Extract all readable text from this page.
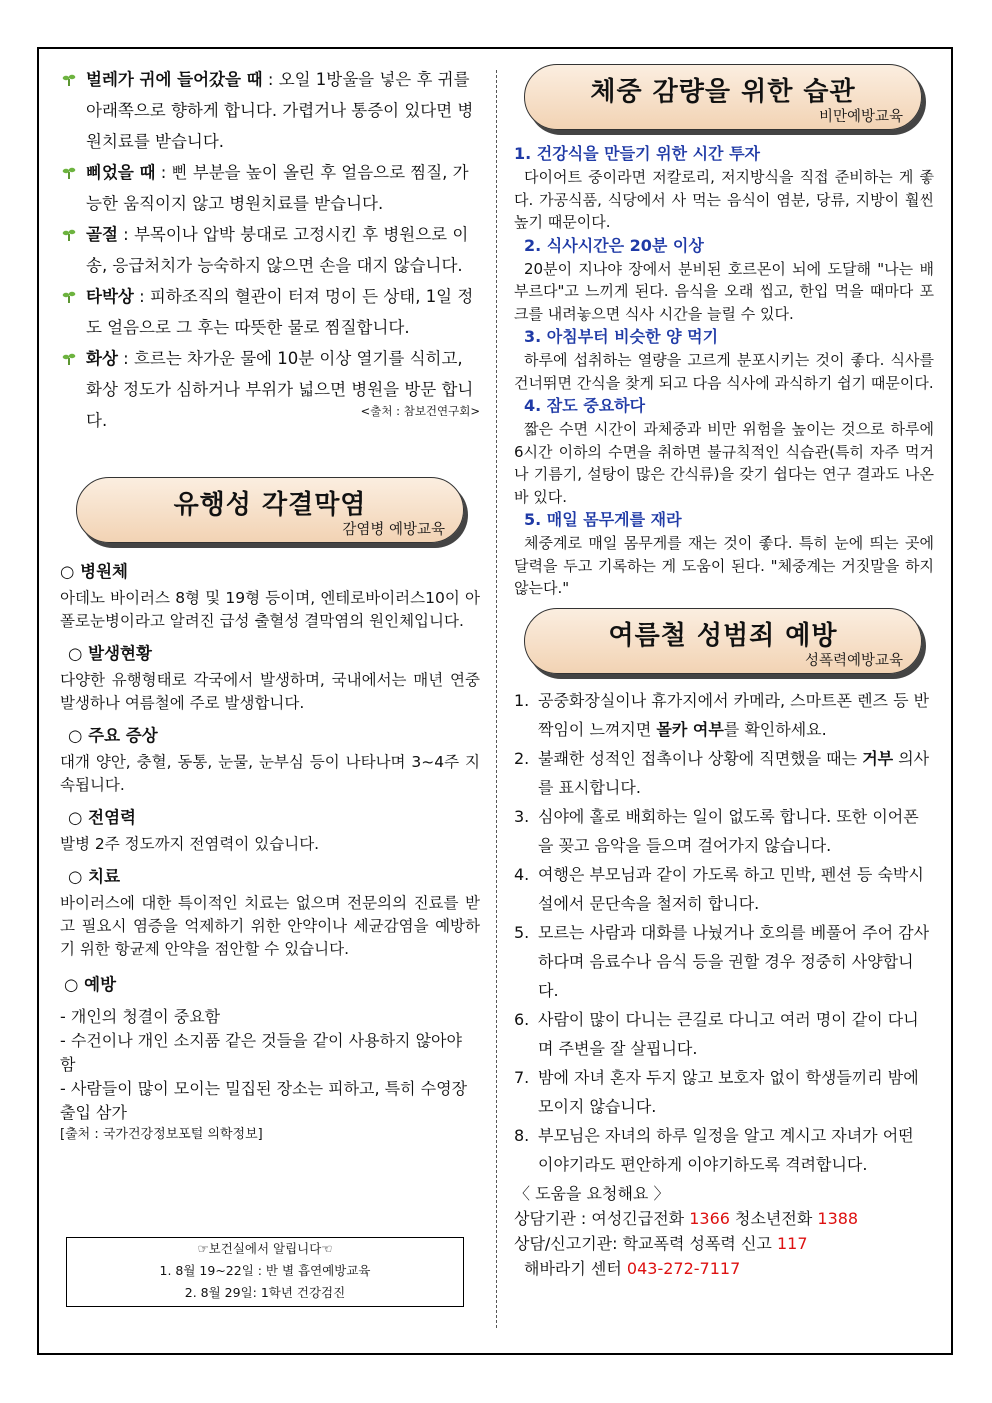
벌레가 귀에 들어갔을 때 : 오일 1방울을 넣은 후 귀를 아래쪽으로 향하게 합니다. 가렵거나 통증이 있다면 병원치료를 받습니다.
삐었을 때 : 삔 부분을 높이 올린 후 얼음으로 찜질, 가능한 움직이지 않고 병원치료를 받습니다.
골절 : 부목이나 압박 붕대로 고정시킨 후 병원으로 이송, 응급처치가 능숙하지 않으면 손을 대지 않습니다.
타박상 : 피하조직의 혈관이 터져 멍이 든 상태, 1일 정도 얼음으로 그 후는 따뜻한 물로 찜질합니다.
화상 : 흐르는 차가운 물에 10분 이상 열기를 식히고, 화상 정도가 심하거나 부위가 넓으면 병원을 방문 합니다.	<출처 : 참보건연구회>
유행성 각결막염
감염병 예방교육
○ 병원체
아데노 바이러스 8형 및 19형 등이며, 엔테로바이러스10이 아폴로눈병이라고 알려진 급성 출혈성 결막염의 원인체입니다.
○ 발생현황
다양한 유행형태로 각국에서 발생하며, 국내에서는 매년 연중 발생하나 여름철에 주로 발생합니다.
○ 주요 증상
대개 양안, 충혈, 동통, 눈물, 눈부심 등이 나타나며 3~4주 지속됩니다.
○ 전염력
발병 2주 정도까지 전염력이 있습니다.
○ 치료
바이러스에 대한 특이적인 치료는 없으며 전문의의 진료를 받고 필요시 염증을 억제하기 위한 안약이나 세균감염을 예방하기 위한 항균제 안약을 점안할 수 있습니다.
○ 예방
- 개인의 청결이 중요함
- 수건이나 개인 소지품 같은 것들을 같이 사용하지 않아야 함
- 사람들이 많이 모이는 밀집된 장소는 피하고, 특히 수영장 출입 삼가
[출처 : 국가건강정보포털 의학정보]
☞보건실에서 알립니다☜
1. 8월 19~22일 : 반 별 흡연예방교육
2. 8월 29일: 1학년 건강검진
체중 감량을 위한 습관
비만예방교육
1. 건강식을 만들기 위한 시간 투자
다이어트 중이라면 저칼로리, 저지방식을 직접 준비하는 게 좋다. 가공식품, 식당에서 사 먹는 음식이 염분, 당류, 지방이 훨씬 높기 때문이다.
2. 식사시간은 20분 이상
20분이 지나야 장에서 분비된 호르몬이 뇌에 도달해 "나는 배부르다"고 느끼게 된다. 음식을 오래 씹고, 한입 먹을 때마다 포크를 내려놓으면 식사 시간을 늘릴 수 있다.
3. 아침부터 비슷한 양 먹기
하루에 섭취하는 열량을 고르게 분포시키는 것이 좋다. 식사를 건너뛰면 간식을 찾게 되고 다음 식사에 과식하기 쉽기 때문이다.
4. 잠도 중요하다
짧은 수면 시간이 과체중과 비만 위험을 높이는 것으로 하루에 6시간 이하의 수면을 취하면 불규칙적인 식습관(특히 자주 먹거나 기름기, 설탕이 많은 간식류)을 갖기 쉽다는 연구 결과도 나온 바 있다.
5. 매일 몸무게를 재라
체중계로 매일 몸무게를 재는 것이 좋다. 특히 눈에 띄는 곳에 달력을 두고 기록하는 게 도움이 된다. "체중계는 거짓말을 하지 않는다."
여름철 성범죄 예방
성폭력예방교육
1. 공중화장실이나 휴가지에서 카메라, 스마트폰 렌즈 등 반짝임이 느껴지면 몰카 여부를 확인하세요.
2. 불쾌한 성적인 접촉이나 상황에 직면했을 때는 거부 의사를 표시합니다.
3. 심야에 홀로 배회하는 일이 없도록 합니다. 또한 이어폰을 꽂고 음악을 들으며 걸어가지 않습니다.
4. 여행은 부모님과 같이 가도록 하고 민박, 펜션 등 숙박시설에서 문단속을 철저히 합니다.
5. 모르는 사람과 대화를 나눴거나 호의를 베풀어 주어 감사하다며 음료수나 음식 등을 권할 경우 정중히 사양합니다.
6. 사람이 많이 다니는 큰길로 다니고 여러 명이 같이 다니며 주변을 잘 살핍니다.
7. 밤에 자녀 혼자 두지 않고 보호자 없이 학생들끼리 밤에 모이지 않습니다.
8. 부모님은 자녀의 하루 일정을 알고 계시고 자녀가 어떤 이야기라도 편안하게 이야기하도록 격려합니다.
〈 도움을 요청해요 〉
상담기관 : 여성긴급전화 1366 청소년전화 1388
상담/신고기관: 학교폭력 성폭력 신고 117
해바라기 센터 043-272-7117
